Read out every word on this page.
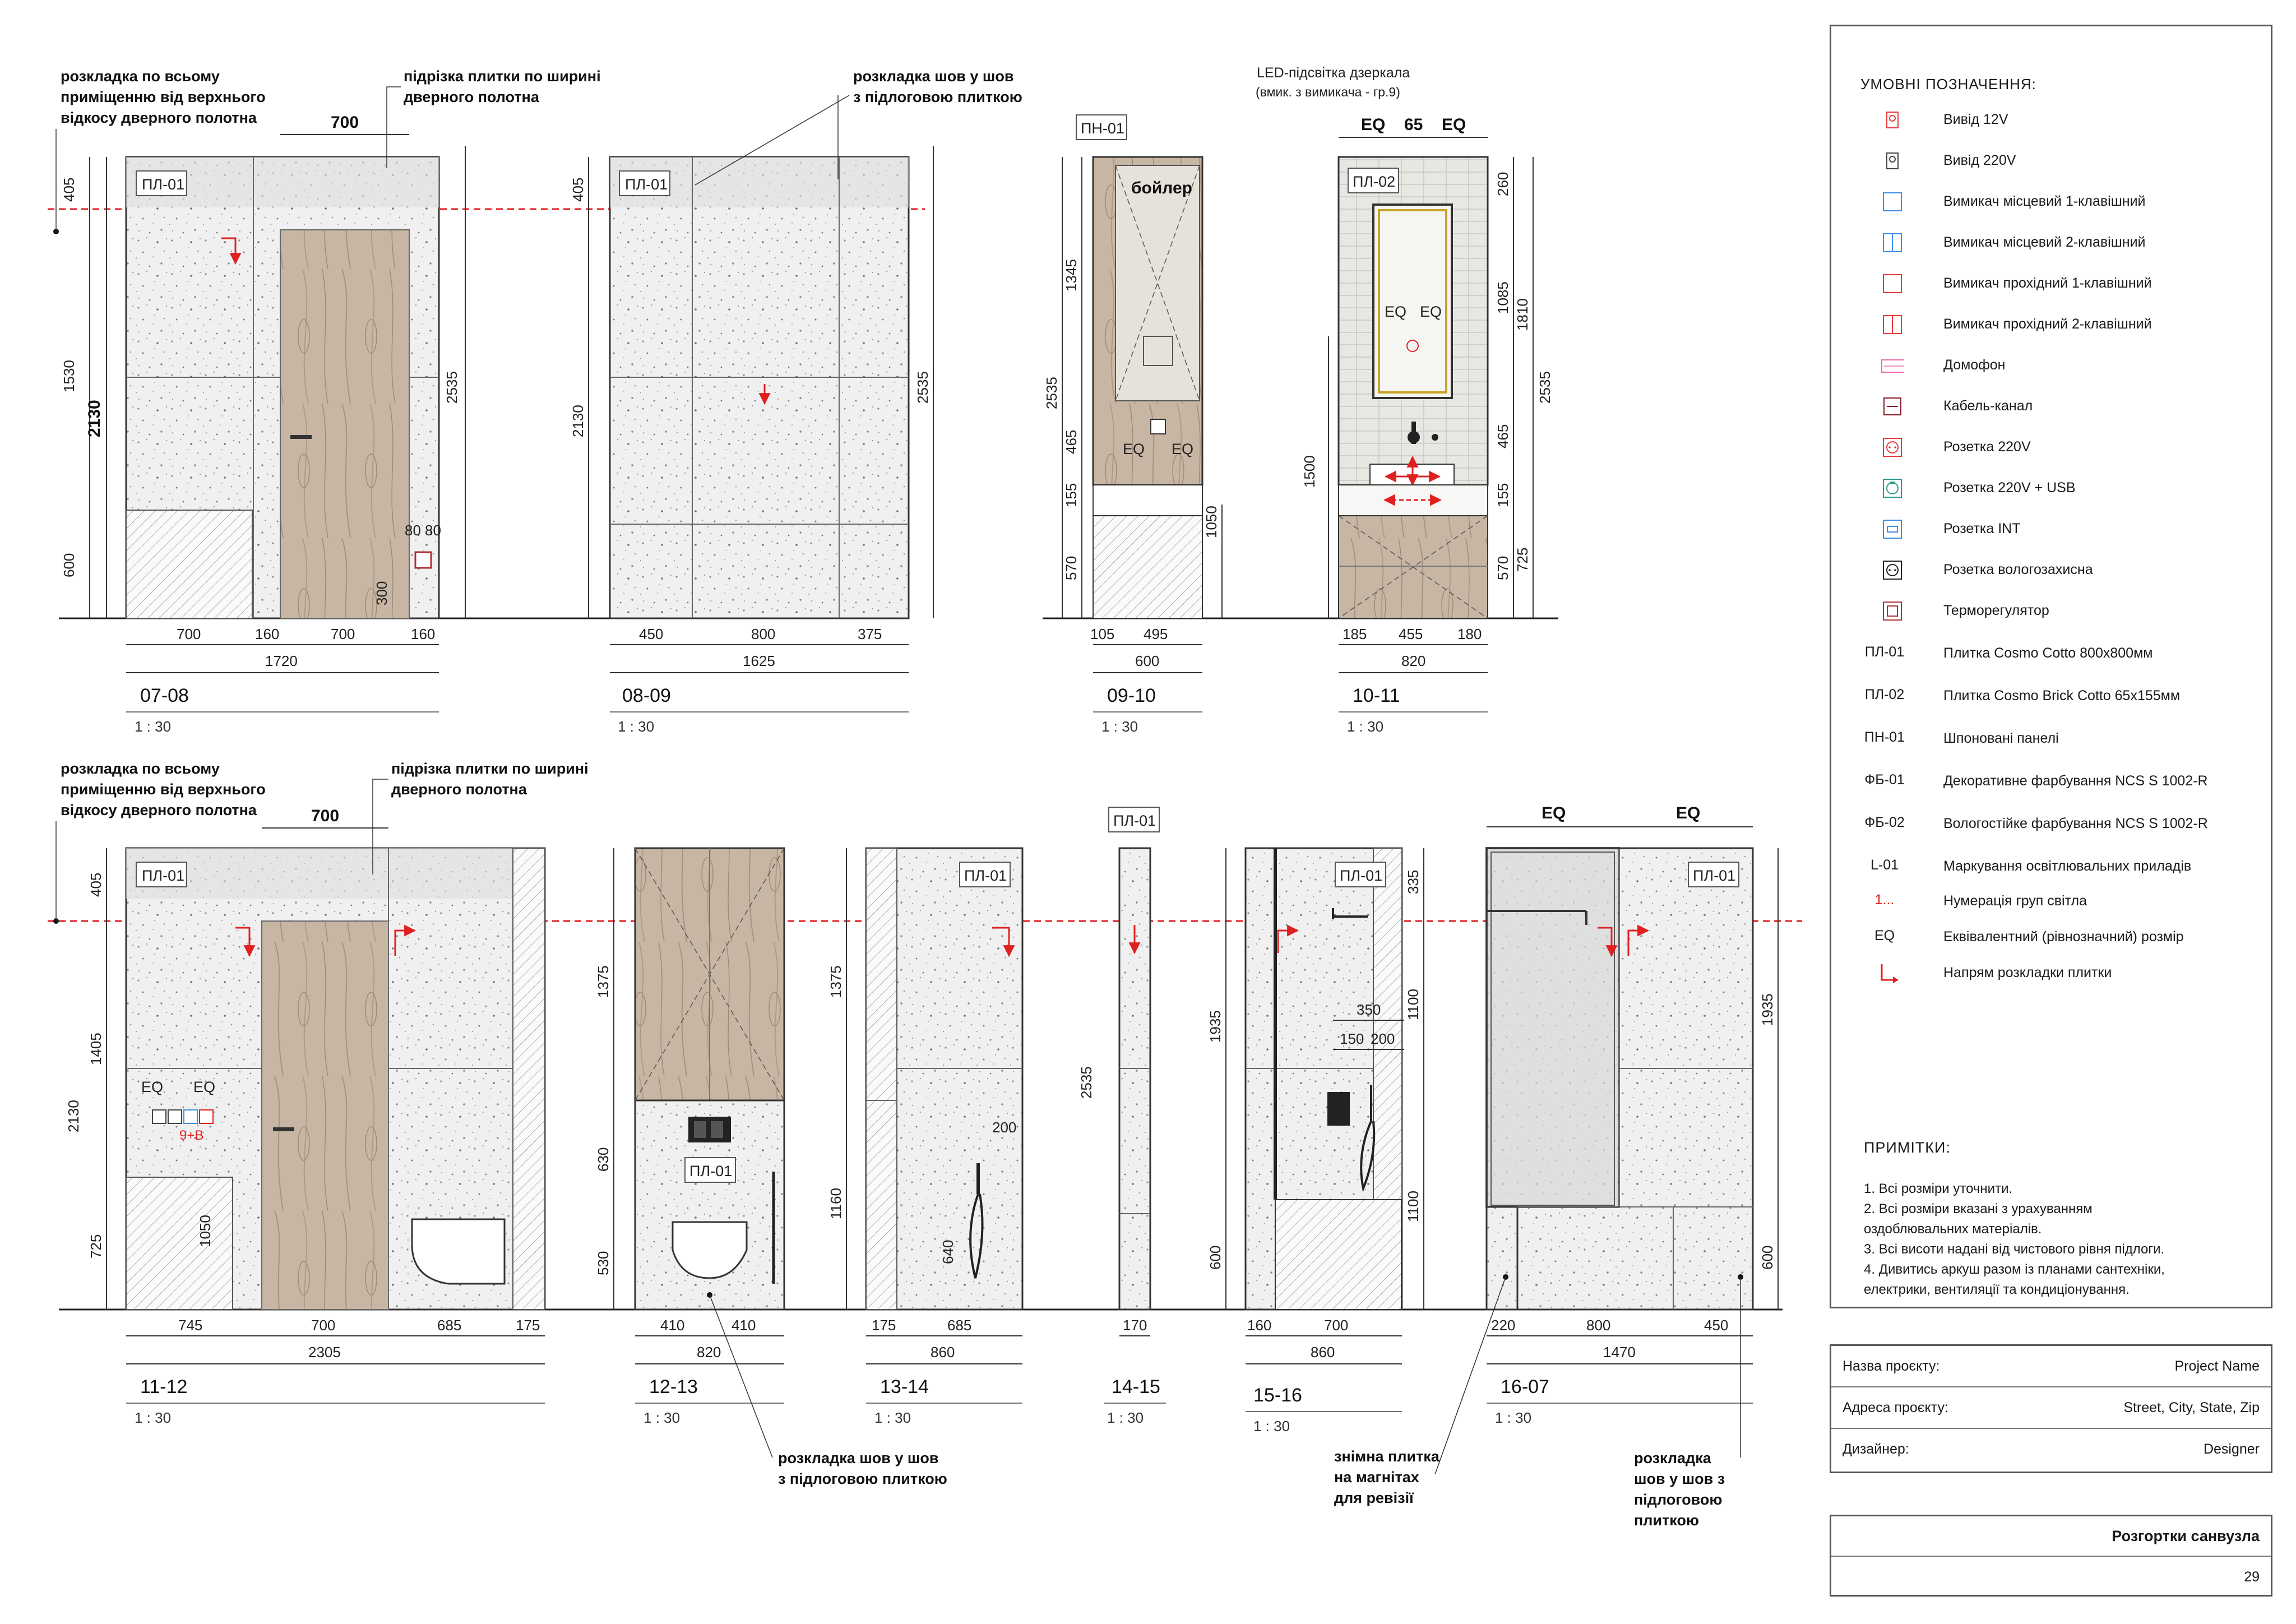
ПЛ-01
700
405
1530
2130
600
2535
80 80
300
700	160	700	160
1720
07-08
1 : 30
ПЛ-01
405
2130
2535
450	800	375
1625
08-09
1 : 30
бойлер
EQ EQ
ПН-01
2535
1345
465
155
570
1050
105 495
600
09-10
1 : 30
EQ EQ
ПЛ-02
LED-підсвітка дзеркала
(вмик. з вимикача - гр.9)
EQ 65 EQ
1500
260
1085
1810
465
155
570 725
2535
185 455 180
820
10-11
1 : 30
розкладка по всьому
приміщенню від верхнього
відкосу дверного полотна
підрізка плитки по ширині
дверного полотна
розкладка шов у шов
з підлоговою плиткою
9+B
EQ EQ
ПЛ-01
700
405
1405
2130
725	1050
745	700	685	175
2305
11-12
1 : 30
ПЛ-01
1375
630
530
410	410
820
12-13
1 : 30
розкладка шов у шов
з підлоговою плиткою
ПЛ-01
200
1375
1160
640
175	685
860
13-14
1 : 30
ПЛ-01
2535
170
14-15
1 : 30
ПЛ-01
350
150 200
1935
600
335
1100
1100
160	700
860
15-16
1 : 30
ПЛ-01
EQ	EQ
1935
600
220	800	450
1470
16-07
1 : 30
знімна плитка
на магнітах
для ревізії
розкладка
шов у шов з
підлоговою
плиткою
розкладка по всьому
приміщенню від верхнього
відкосу дверного полотна
підрізка плитки по ширині
дверного полотна
УМОВНІ ПОЗНАЧЕННЯ:
Вивід 12V
Вивід 220V
Вимикач місцевий 1-клавішний
Вимикач місцевий 2-клавішний
Вимикач прохідний 1-клавішний
Вимикач прохідний 2-клавішний
Домофон
Кабель-канал
Розетка 220V
Розетка 220V + USB
Розетка INT
Розетка вологозахисна
Терморегулятор
ПЛ-01	Плитка Cosmo Cotto 800х800мм
ПЛ-02	Плитка Cosmo Brick Cotto 65х155мм
ПН-01	Шпоновані панелі
ФБ-01	Декоративне фарбування NCS S 1002-R
ФБ-02	Вологостійке фарбування NCS S 1002-R
L-01	Маркування освітлювальних приладів
1...	Нумерація груп світла
EQ	Еквівалентний (рівнозначний) розмір
Напрям розкладки плитки
ПРИМІТКИ:
1. Всі розміри уточнити.
2. Всі розміри вказані з урахуванням
оздоблювальних матеріалів.
3. Всі висоти надані від чистового рівня підлоги.
4. Дивитись аркуш разом із планами сантехніки,
електрики, вентиляції та кондиціонування.
Назва проєкту:	Project Name
Адреса проєкту:	Street, City, State, Zip
Дизайнер:	Designer
Розгортки санвузла
29
